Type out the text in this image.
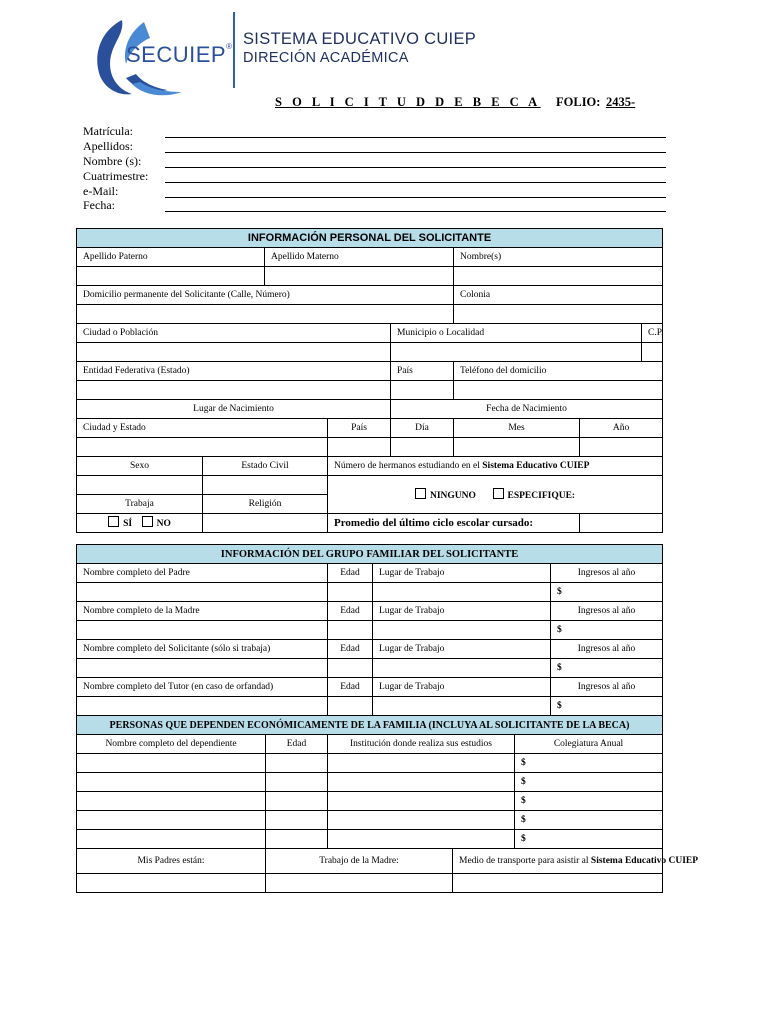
SECUIEP® SISTEMA EDUCATIVO CUIEP
DIRECIÓN ACADÉMICA
S O L I C I T U D D E B E C A FOLIO: 2435-
Matrícula:
Apellidos:
Nombre (s):
Cuatrimestre:
e-Mail:
Fecha:
INFORMACIÓN PERSONAL DEL SOLICITANTE				
Apellido Paterno	Apellido Materno		Nombre(s)	

Domicilio permanente del Solicitante (Calle, Número)			Colonia	

Ciudad o Población		Municipio o Localidad		C.P.

Entidad Federativa (Estado)		País	Teléfono del domicilio	

Lugar de Nacimiento			Fecha de Nacimiento		
Ciudad y Estado		País	Día	Mes	Año

Sexo	Estado Civil	Número de hermanos estudiando en el Sistema Educativo CUIEP			
		NINGUNO ESPECIFIQUE:			
Trabaja	Religión				
SÍ NO		Promedio del último ciclo escolar cursado:			
INFORMACIÓN DEL GRUPO FAMILIAR DEL SOLICITANTE			
Nombre completo del Padre	Edad	Lugar de Trabajo	Ingresos al año
			$
Nombre completo de la Madre	Edad	Lugar de Trabajo	Ingresos al año
			$
Nombre completo del Solicitante (sólo si trabaja)	Edad	Lugar de Trabajo	Ingresos al año
			$
Nombre completo del Tutor (en caso de orfandad)	Edad	Lugar de Trabajo	Ingresos al año
			$
PERSONAS QUE DEPENDEN ECONÓMICAMENTE DE LA FAMILIA (INCLUYA AL SOLICITANTE DE LA BECA)				
Nombre completo del dependiente	Edad	Institución donde realiza sus estudios		Colegiatura Anual
				$
				$
				$
				$
				$
Mis Padres están:	Trabajo de la Madre:		Medio de transporte para asistir al Sistema Educativo CUIEP	
